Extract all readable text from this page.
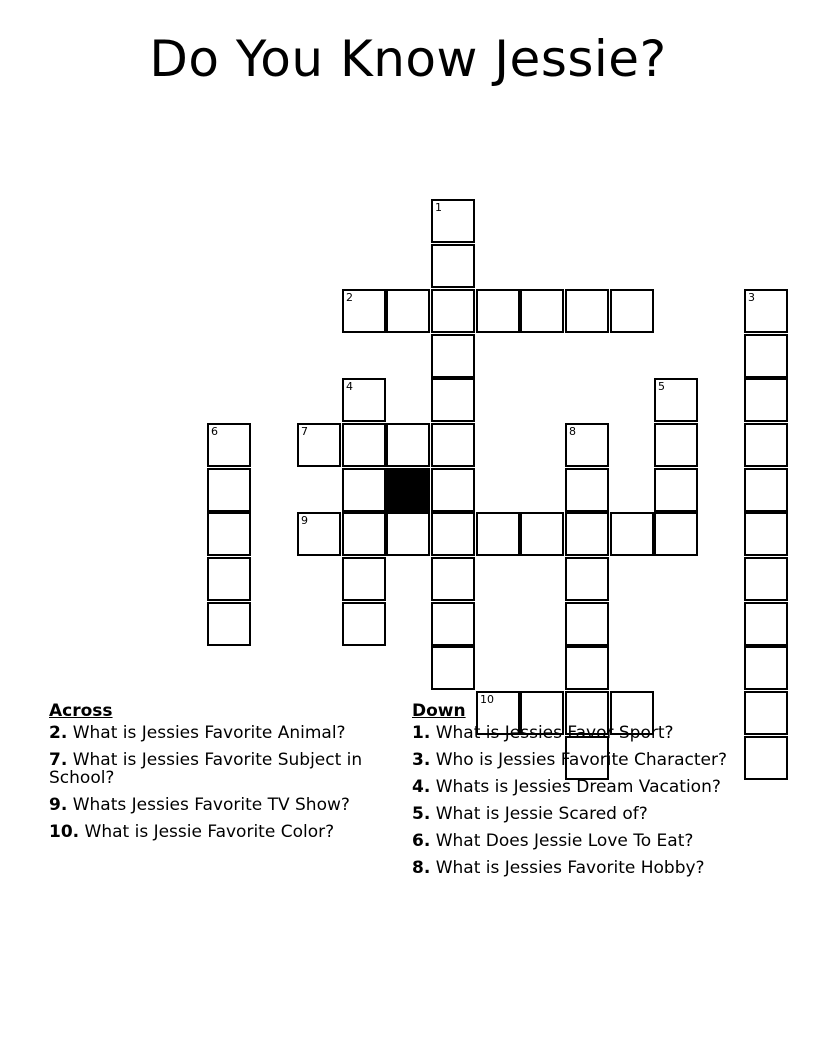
Do You Know Jessie?
1
2	3
4	5
6	7	8
9
10
Across
2. What is Jessies Favorite Animal?
7. What is Jessies Favorite Subject in School?
9. Whats Jessies Favorite TV Show?
10. What is Jessie Favorite Color?
Down
1. What is Jessies Favor Sport?
3. Who is Jessies Favorite Character?
4. Whats is Jessies Dream Vacation?
5. What is Jessie Scared of?
6. What Does Jessie Love To Eat?
8. What is Jessies Favorite Hobby?
